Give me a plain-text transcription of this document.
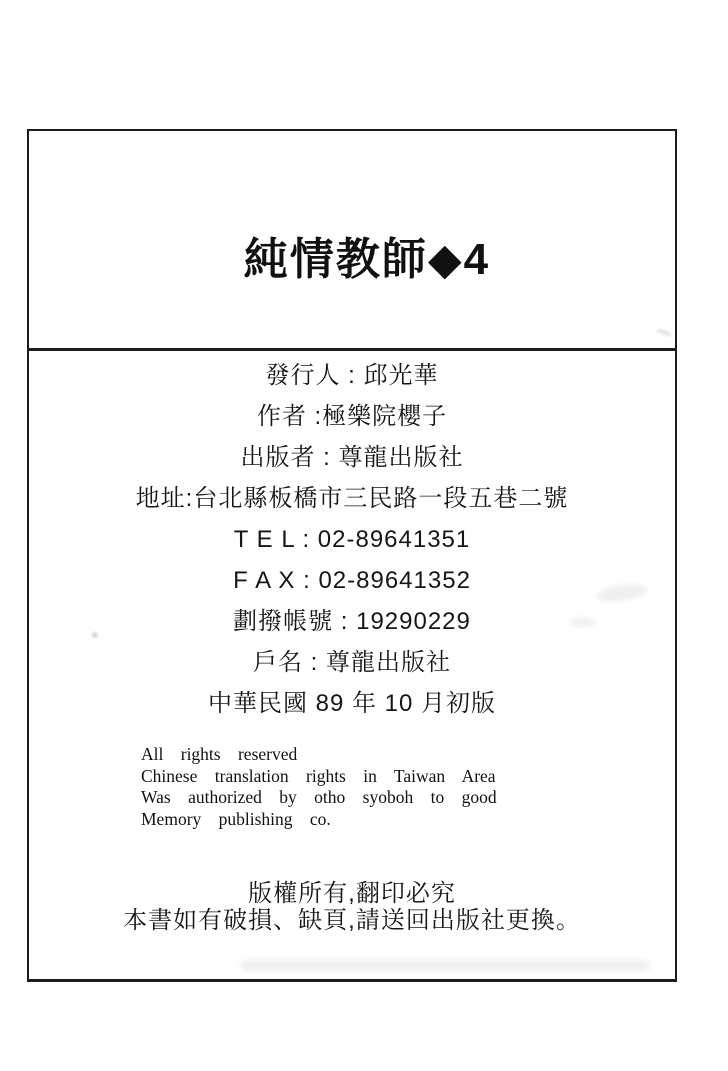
純情教師◆4
發行人 : 邱光華
作者 :極樂院櫻子
出版者 : 尊龍出版社
地址:台北縣板橋市三民路一段五巷二號
T E L : 02-89641351
F A X : 02-89641352
劃撥帳號 : 19290229
戶名 : 尊龍出版社
中華民國 89 年 10 月初版
All rights reserved
Chinese translation rights in Taiwan Area
Was authorized by otho syoboh to good
Memory publishing co.
版權所有,翻印必究
本書如有破損、缺頁,請送回出版社更換。
